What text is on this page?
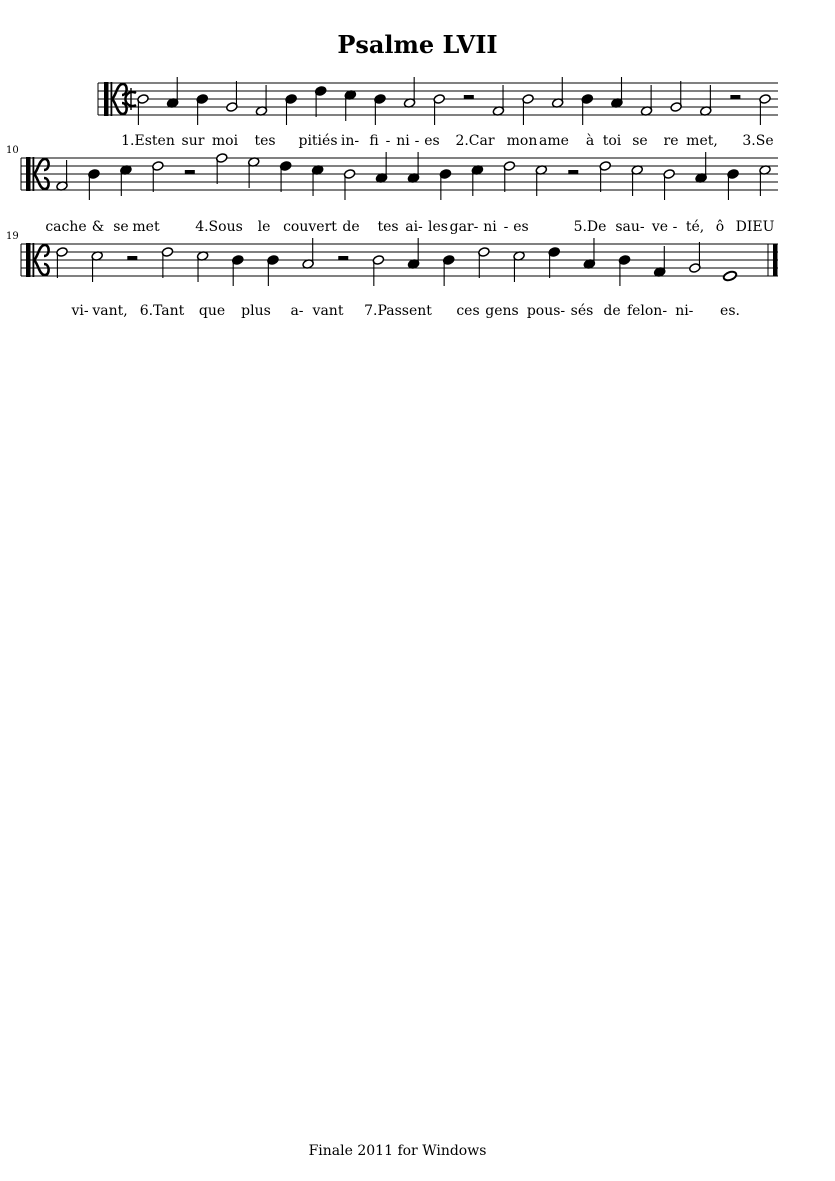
Psalme LVII
1.Esten sur moi tes pitiés in- fi - ni - es 2.Car mon ame à toi se re met, 3.Se
10
cache & se met	4.Sous le couvert de tes ai- les gar- ni - es	5.De sau- ve - té, ô DIEU
19
vi- vant, 6.Tant que plus a- vant 7.Passent ces gens pous- sés de felon- ni - es.
Finale 2011 for Windows
